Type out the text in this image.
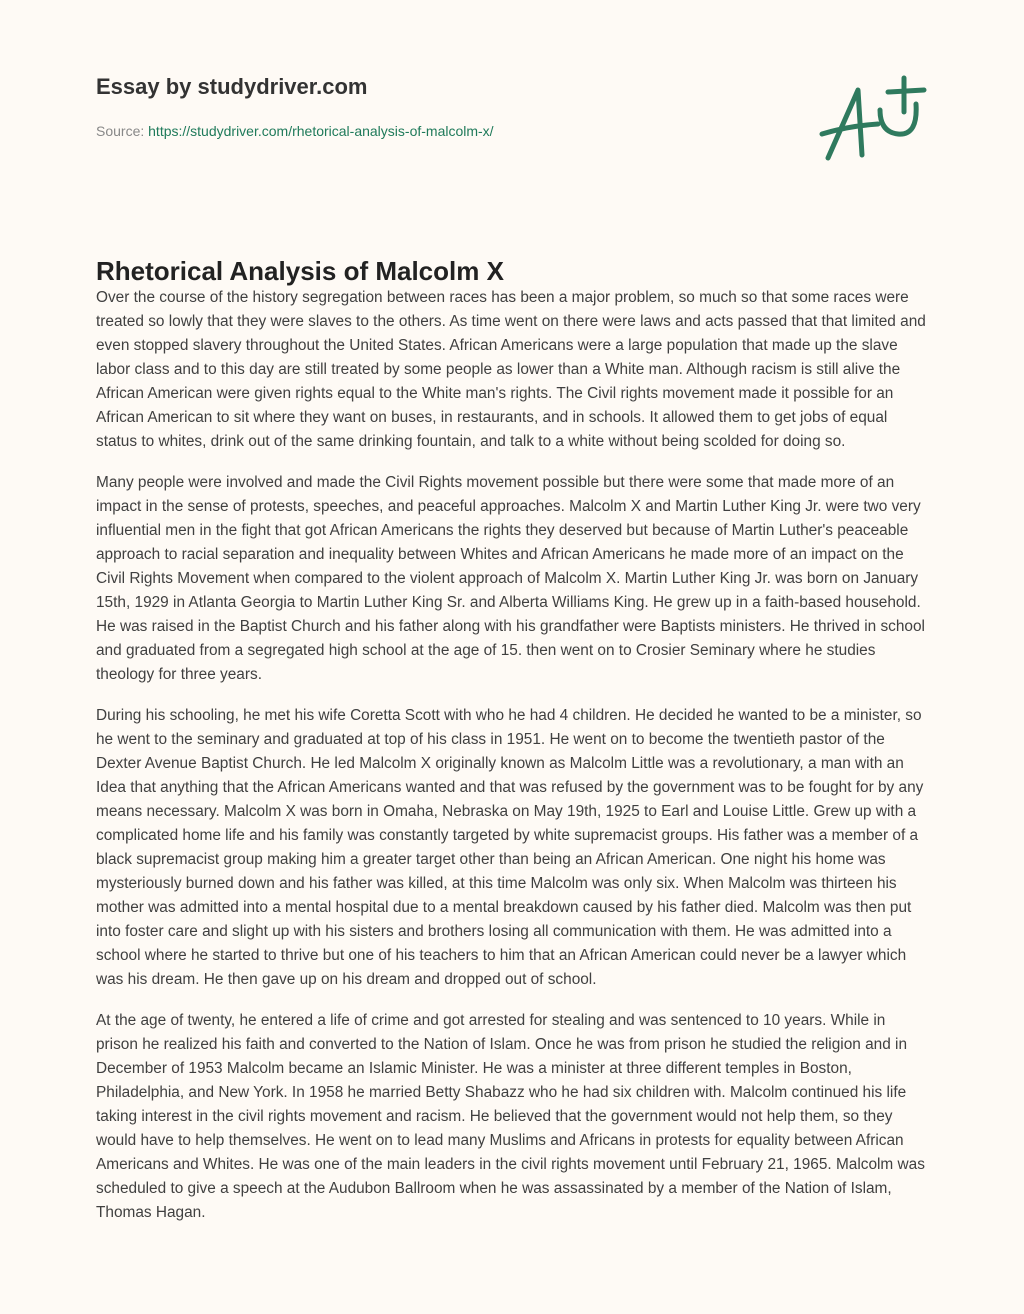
Essay by studydriver.com
Source: https://studydriver.com/rhetorical-analysis-of-malcolm-x/
Rhetorical Analysis of Malcolm X

Over the course of the history segregation between races has been a major problem, so much so that some races were treated so lowly that they were slaves to the others. As time went on there were laws and acts passed that that limited and even stopped slavery throughout the United States. African Americans were a large population that made up the slave labor class and to this day are still treated by some people as lower than a White man. Although racism is still alive the African American were given rights equal to the White man's rights. The Civil rights movement made it possible for an African American to sit where they want on buses, in restaurants, and in schools. It allowed them to get jobs of equal status to whites, drink out of the same drinking fountain, and talk to a white without being scolded for doing so.

Many people were involved and made the Civil Rights movement possible but there were some that made more of an impact in the sense of protests, speeches, and peaceful approaches. Malcolm X and Martin Luther King Jr. were two very influential men in the fight that got African Americans the rights they deserved but because of Martin Luther's peaceable approach to racial separation and inequality between Whites and African Americans he made more of an impact on the Civil Rights Movement when compared to the violent approach of Malcolm X. Martin Luther King Jr. was born on January 15th, 1929 in Atlanta Georgia to Martin Luther King Sr. and Alberta Williams King. He grew up in a faith-based household. He was raised in the Baptist Church and his father along with his grandfather were Baptists ministers. He thrived in school and graduated from a segregated high school at the age of 15. then went on to Crosier Seminary where he studies theology for three years.

During his schooling, he met his wife Coretta Scott with who he had 4 children. He decided he wanted to be a minister, so he went to the seminary and graduated at top of his class in 1951. He went on to become the twentieth pastor of the Dexter Avenue Baptist Church. He led Malcolm X originally known as Malcolm Little was a revolutionary, a man with an Idea that anything that the African Americans wanted and that was refused by the government was to be fought for by any means necessary. Malcolm X was born in Omaha, Nebraska on May 19th, 1925 to Earl and Louise Little. Grew up with a complicated home life and his family was constantly targeted by white supremacist groups. His father was a member of a black supremacist group making him a greater target other than being an African American. One night his home was mysteriously burned down and his father was killed, at this time Malcolm was only six. When Malcolm was thirteen his mother was admitted into a mental hospital due to a mental breakdown caused by his father died. Malcolm was then put into foster care and slight up with his sisters and brothers losing all communication with them. He was admitted into a school where he started to thrive but one of his teachers to him that an African American could never be a lawyer which was his dream. He then gave up on his dream and dropped out of school.

At the age of twenty, he entered a life of crime and got arrested for stealing and was sentenced to 10 years. While in prison he realized his faith and converted to the Nation of Islam. Once he was from prison he studied the religion and in December of 1953 Malcolm became an Islamic Minister. He was a minister at three different temples in Boston, Philadelphia, and New York. In 1958 he married Betty Shabazz who he had six children with. Malcolm continued his life taking interest in the civil rights movement and racism. He believed that the government would not help them, so they would have to help themselves. He went on to lead many Muslims and Africans in protests for equality between African Americans and Whites. He was one of the main leaders in the civil rights movement until February 21, 1965. Malcolm was scheduled to give a speech at the Audubon Ballroom when he was assassinated by a member of the Nation of Islam, Thomas Hagan.
